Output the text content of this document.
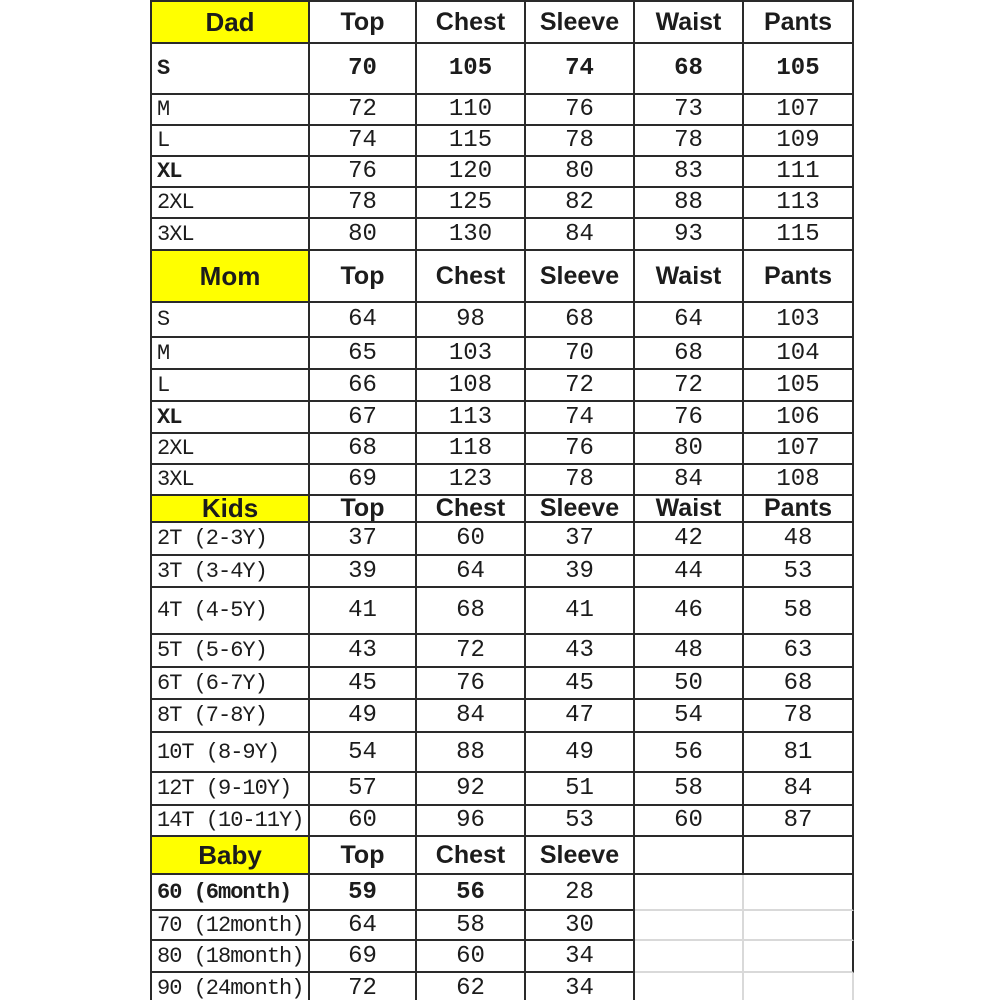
Dad	Top	Chest	Sleeve	Waist	Pants
S	70	105	74	68	105
M	72	110	76	73	107
L	74	115	78	78	109
XL	76	120	80	83	111
2XL	78	125	82	88	113
3XL	80	130	84	93	115
Mom	Top	Chest	Sleeve	Waist	Pants
S	64	98	68	64	103
M	65	103	70	68	104
L	66	108	72	72	105
XL	67	113	74	76	106
2XL	68	118	76	80	107
3XL	69	123	78	84	108
Kids	Top	Chest	Sleeve	Waist	Pants
2T (2-3Y)	37	60	37	42	48
3T (3-4Y)	39	64	39	44	53
4T (4-5Y)	41	68	41	46	58
5T (5-6Y)	43	72	43	48	63
6T (6-7Y)	45	76	45	50	68
8T (7-8Y)	49	84	47	54	78
10T (8-9Y)	54	88	49	56	81
12T (9-10Y)	57	92	51	58	84
14T (10-11Y)	60	96	53	60	87
Baby	Top	Chest	Sleeve
60 (6month)	59	56	28
70 (12month)	64	58	30
80 (18month)	69	60	34
90 (24month)	72	62	34
